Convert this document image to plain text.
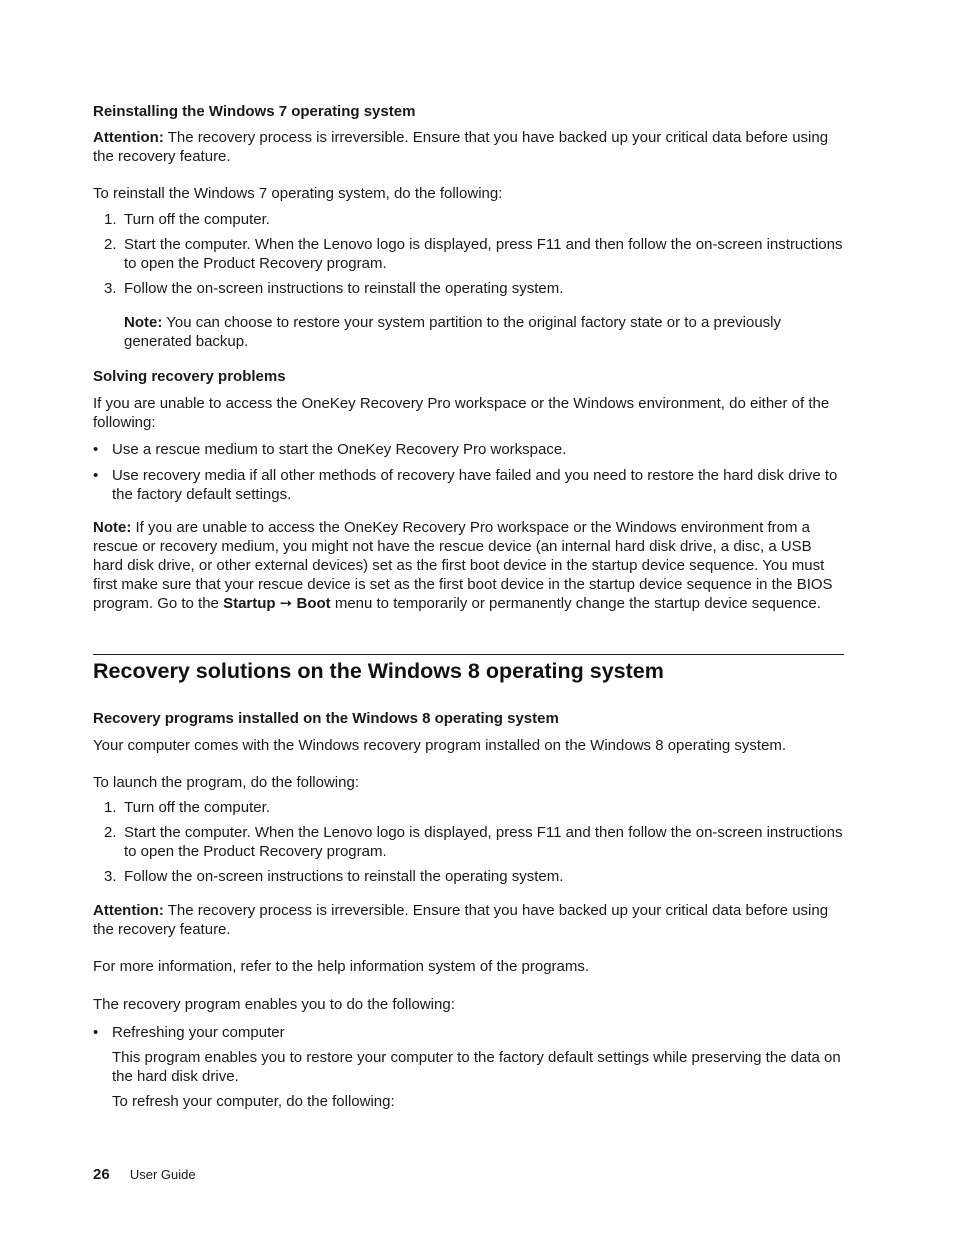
Reinstalling the Windows 7 operating system

Attention: The recovery process is irreversible. Ensure that you have backed up your critical data before using the recovery feature.

To reinstall the Windows 7 operating system, do the following:

1. Turn off the computer.
2. Start the computer. When the Lenovo logo is displayed, press F11 and then follow the on-screen instructions to open the Product Recovery program.
3. Follow the on-screen instructions to reinstall the operating system.

Note: You can choose to restore your system partition to the original factory state or to a previously generated backup.

Solving recovery problems

If you are unable to access the OneKey Recovery Pro workspace or the Windows environment, do either of the following:

• Use a rescue medium to start the OneKey Recovery Pro workspace.
• Use recovery media if all other methods of recovery have failed and you need to restore the hard disk drive to the factory default settings.

Note: If you are unable to access the OneKey Recovery Pro workspace or the Windows environment from a rescue or recovery medium, you might not have the rescue device (an internal hard disk drive, a disc, a USB hard disk drive, or other external devices) set as the first boot device in the startup device sequence. You must first make sure that your rescue device is set as the first boot device in the startup device sequence in the BIOS program. Go to the Startup ➙ Boot menu to temporarily or permanently change the startup device sequence.

Recovery solutions on the Windows 8 operating system
Recovery programs installed on the Windows 8 operating system

Your computer comes with the Windows recovery program installed on the Windows 8 operating system.

To launch the program, do the following:

1. Turn off the computer.
2. Start the computer. When the Lenovo logo is displayed, press F11 and then follow the on-screen instructions to open the Product Recovery program.
3. Follow the on-screen instructions to reinstall the operating system.

Attention: The recovery process is irreversible. Ensure that you have backed up your critical data before using the recovery feature.

For more information, refer to the help information system of the programs.

The recovery program enables you to do the following:

• Refreshing your computer

This program enables you to restore your computer to the factory default settings while preserving the data on the hard disk drive.

To refresh your computer, do the following:

26 User Guide
